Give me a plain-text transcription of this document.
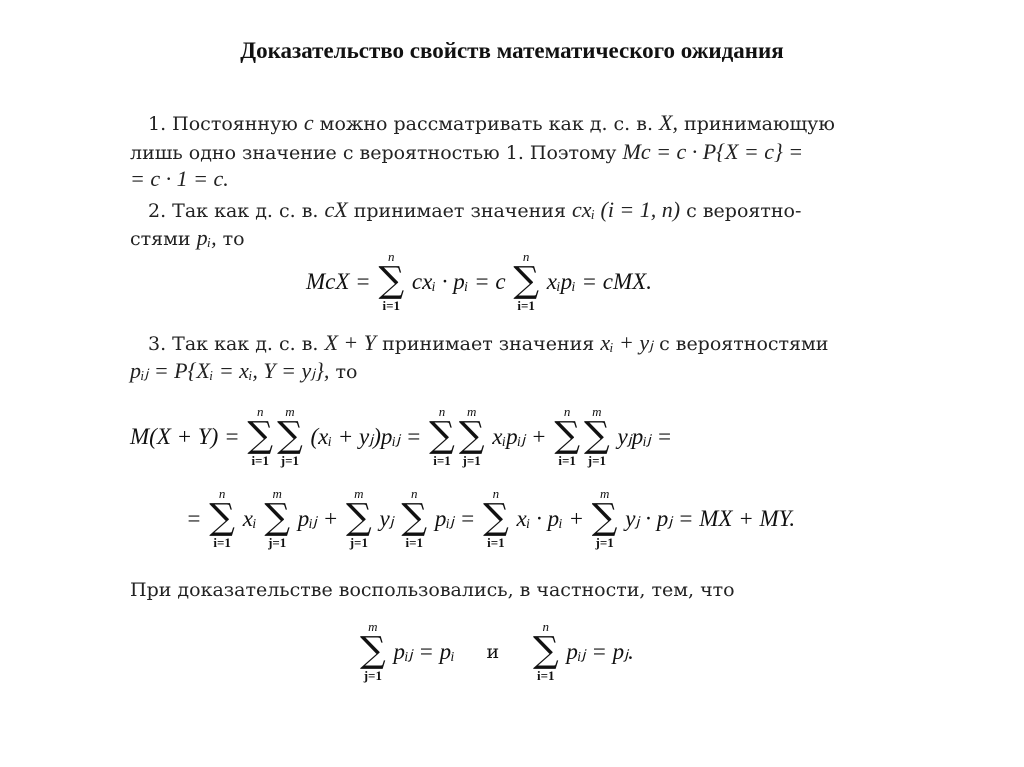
Доказательство свойств математического ожидания
1. Постоянную c можно рассматривать как д. с. в. X, принимающую
лишь одно значение с вероятностью 1. Поэтому Mc = c · P{X = c} =
= c · 1 = c.
2. Так как д. с. в. cX принимает значения cxᵢ (i = 1, n) с вероятно-
стями pᵢ, то
McX =
n
∑
i=1
cxᵢ · pᵢ = c
n
∑
i=1
xᵢpᵢ = cMX.
3. Так как д. с. в. X + Y принимает значения xᵢ + yⱼ с вероятностями
pᵢⱼ = P{Xᵢ = xᵢ, Y = yⱼ}, то
M(X + Y) =
n
∑
i=1
m
∑
j=1
(xᵢ + yⱼ)pᵢⱼ =
n
∑
i=1
m
∑
j=1
xᵢpᵢⱼ +
n
∑
i=1
m
∑
j=1
yⱼpᵢⱼ =
=
n
∑
i=1
xᵢ
m
∑
j=1
pᵢⱼ +
m
∑
j=1
yⱼ
n
∑
i=1
pᵢⱼ =
n
∑
i=1
xᵢ · pᵢ +
m
∑
j=1
yⱼ · pⱼ = MX + MY.
При доказательстве воспользовались, в частности, тем, что
m
∑
j=1
pᵢⱼ = pᵢ и
n
∑
i=1
pᵢⱼ = pⱼ.
